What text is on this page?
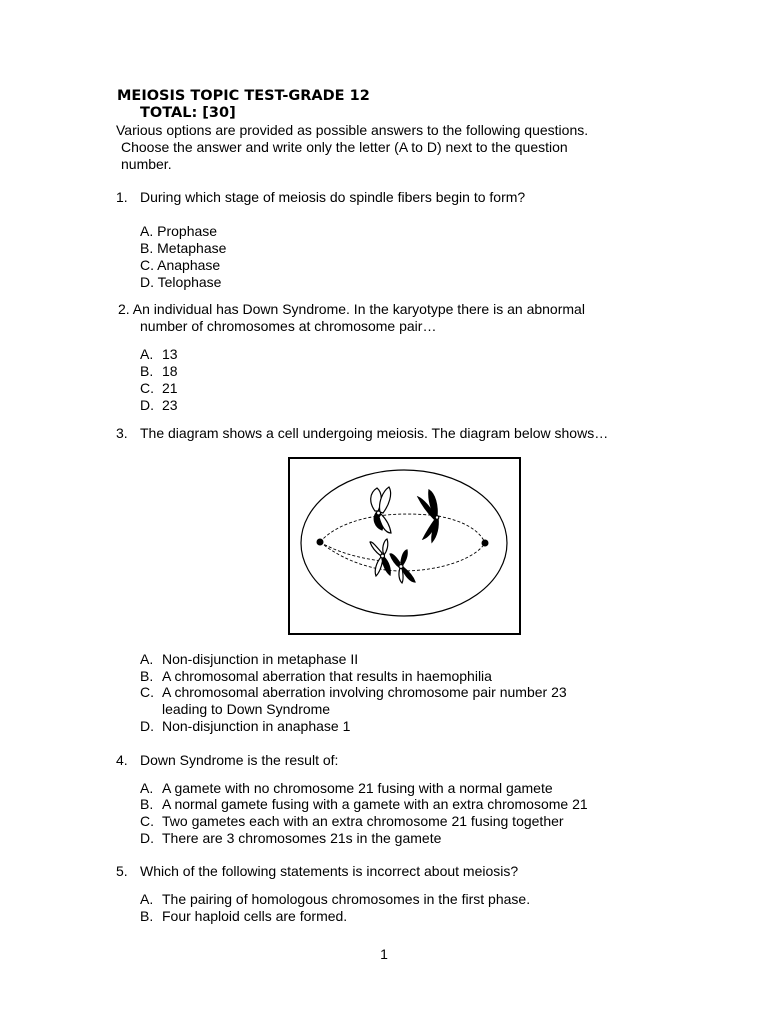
MEIOSIS TOPIC TEST-GRADE 12
TOTAL: [30]
Various options are provided as possible answers to the following questions.
Choose the answer and write only the letter (A to D) next to the question
number.
1. During which stage of meiosis do spindle fibers begin to form?
A. Prophase
B. Metaphase
C. Anaphase
D. Telophase
2. An individual has Down Syndrome. In the karyotype there is an abnormal
number of chromosomes at chromosome pair…
A. 13
B. 18
C. 21
D. 23
3. The diagram shows a cell undergoing meiosis. The diagram below shows…
A. Non-disjunction in metaphase II
B. A chromosomal aberration that results in haemophilia
C. A chromosomal aberration involving chromosome pair number 23
leading to Down Syndrome
D. Non-disjunction in anaphase 1
4. Down Syndrome is the result of:
A. A gamete with no chromosome 21 fusing with a normal gamete
B. A normal gamete fusing with a gamete with an extra chromosome 21
C. Two gametes each with an extra chromosome 21 fusing together
D. There are 3 chromosomes 21s in the gamete
5. Which of the following statements is incorrect about meiosis?
A. The pairing of homologous chromosomes in the first phase.
B. Four haploid cells are formed.
1
